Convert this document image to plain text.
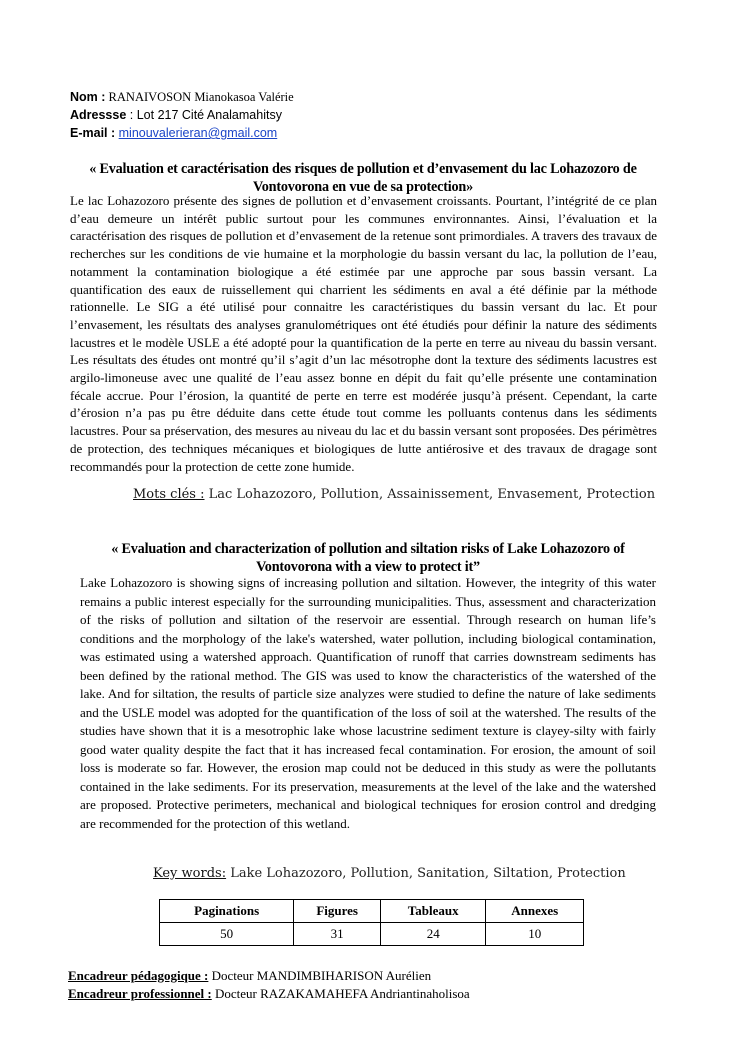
Nom : RANAIVOSON Mianokasoa Valérie
Adressse : Lot 217 Cité Analamahitsy
E-mail : minouvalerieran@gmail.com
« Evaluation et caractérisation des risques de pollution et d’envasement du lac Lohazozoro de
Vontovorona en vue de sa protection»
Le lac Lohazozoro présente des signes de pollution et d’envasement croissants. Pourtant, l’intégrité de ce plan d’eau demeure un intérêt public surtout pour les communes environnantes. Ainsi, l’évaluation et la caractérisation des risques de pollution et d’envasement de la retenue sont primordiales. A travers des travaux de recherches sur les conditions de vie humaine et la morphologie du bassin versant du lac, la pollution de l’eau, notamment la contamination biologique a été estimée par une approche par sous bassin versant. La quantification des eaux de ruissellement qui charrient les sédiments en aval a été définie par la méthode rationnelle. Le SIG a été utilisé pour connaitre les caractéristiques du bassin versant du lac. Et pour l’envasement, les résultats des analyses granulométriques ont été étudiés pour définir la nature des sédiments lacustres et le modèle USLE a été adopté pour la quantification de la perte en terre au niveau du bassin versant. Les résultats des études ont montré qu’il s’agit d’un lac mésotrophe dont la texture des sédiments lacustres est argilo-limoneuse avec une qualité de l’eau assez bonne en dépit du fait qu’elle présente une contamination fécale accrue. Pour l’érosion, la quantité de perte en terre est modérée jusqu’à présent. Cependant, la carte d’érosion n’a pas pu être déduite dans cette étude tout comme les polluants contenus dans les sédiments lacustres. Pour sa préservation, des mesures au niveau du lac et du bassin versant sont proposées. Des périmètres de protection, des techniques mécaniques et biologiques de lutte antiérosive et des travaux de dragage sont recommandés pour la protection de cette zone humide.
Mots clés : Lac Lohazozoro, Pollution, Assainissement, Envasement, Protection
« Evaluation and characterization of pollution and siltation risks of Lake Lohazozoro of
Vontovorona with a view to protect it”
Lake Lohazozoro is showing signs of increasing pollution and siltation. However, the integrity of this water remains a public interest especially for the surrounding municipalities. Thus, assessment and characterization of the risks of pollution and siltation of the reservoir are essential. Through research on human life’s conditions and the morphology of the lake's watershed, water pollution, including biological contamination, was estimated using a watershed approach. Quantification of runoff that carries downstream sediments has been defined by the rational method. The GIS was used to know the characteristics of the watershed of the lake. And for siltation, the results of particle size analyzes were studied to define the nature of lake sediments and the USLE model was adopted for the quantification of the loss of soil at the watershed. The results of the studies have shown that it is a mesotrophic lake whose lacustrine sediment texture is clayey-silty with fairly good water quality despite the fact that it has increased fecal contamination. For erosion, the amount of soil loss is moderate so far. However, the erosion map could not be deduced in this study as were the pollutants contained in the lake sediments. For its preservation, measurements at the level of the lake and the watershed are proposed. Protective perimeters, mechanical and biological techniques for erosion control and dredging are recommended for the protection of this wetland.
Key words: Lake Lohazozoro, Pollution, Sanitation, Siltation, Protection
Paginations	Figures	Tableaux	Annexes
50	31	24	10
Encadreur pédagogique : Docteur MANDIMBIHARISON Aurélien
Encadreur professionnel : Docteur RAZAKAMAHEFA Andriantinaholisoa
